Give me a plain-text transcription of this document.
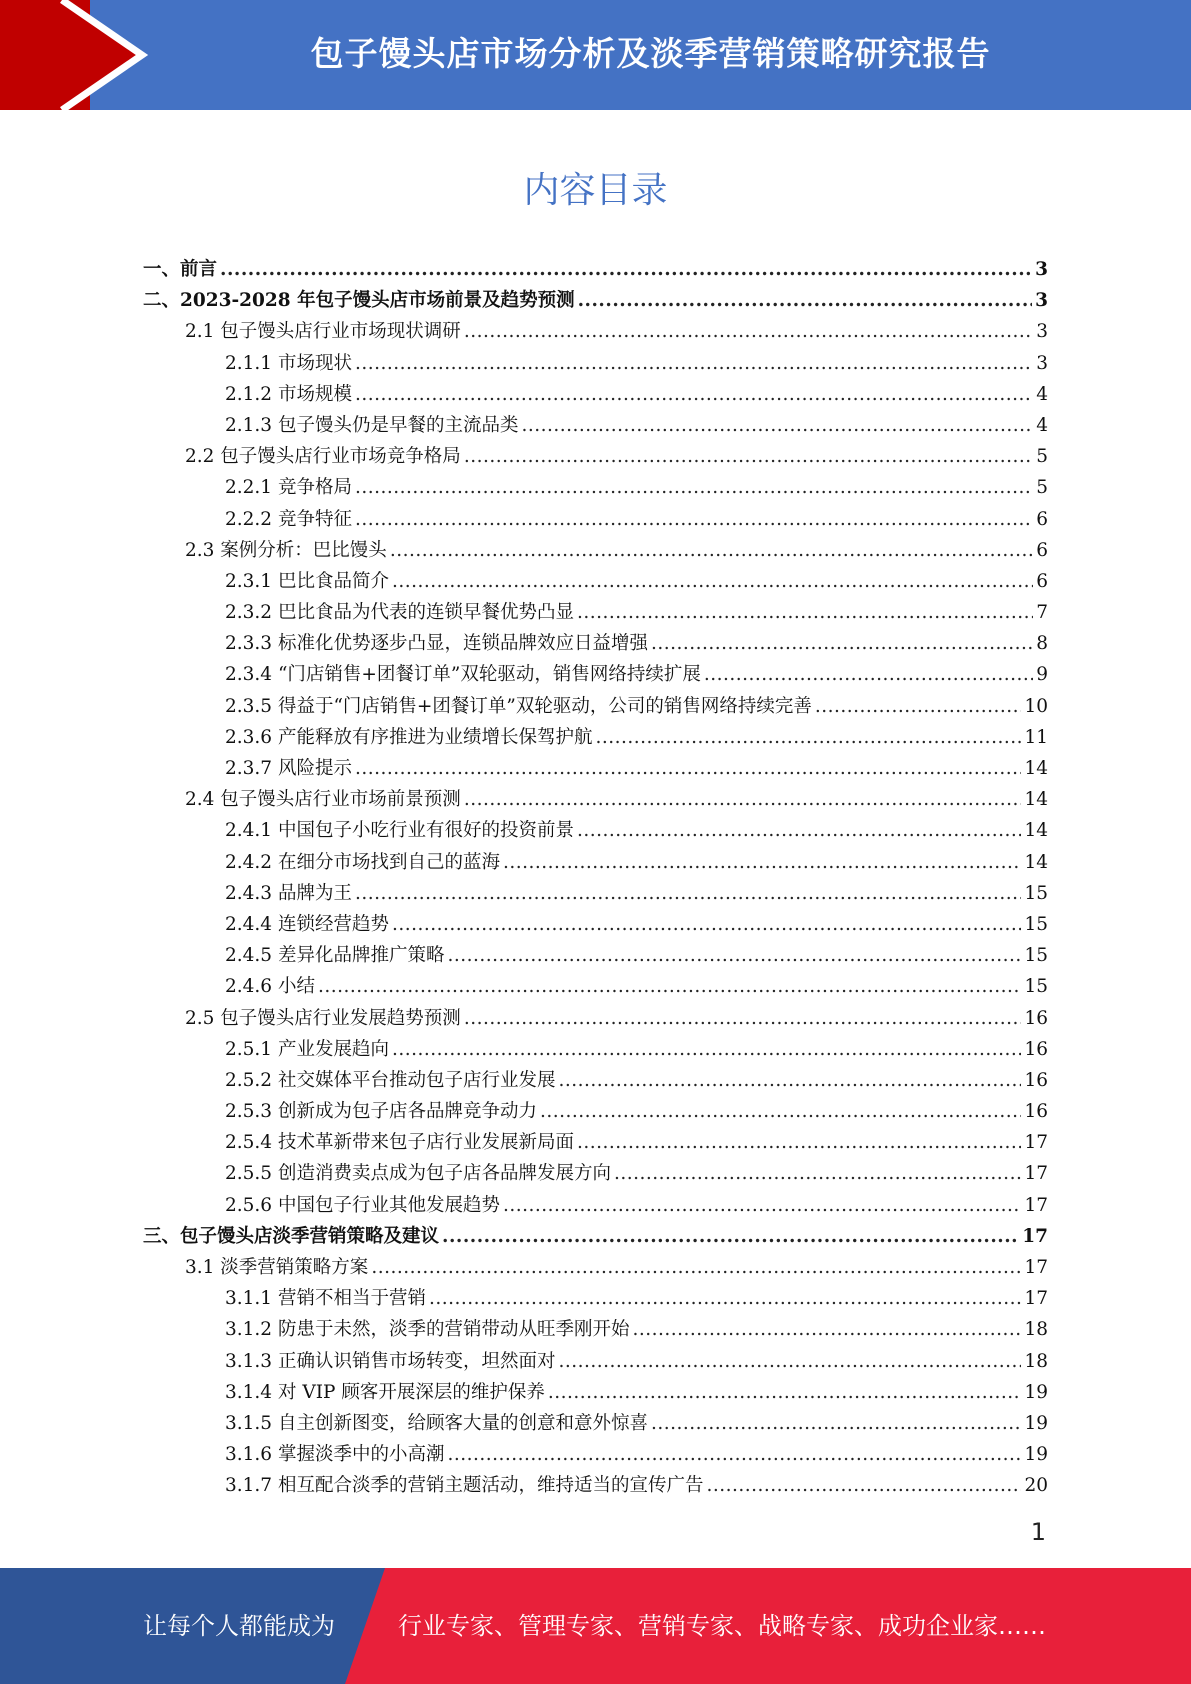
包子馒头店市场分析及淡季营销策略研究报告
内容目录
一、前言 .....	3
二、2023-2028 年包子馒头店市场前景及趋势预测 .....	3
2.1 包子馒头店行业市场现状调研 .....	3
2.1.1 市场现状 .....	3
2.1.2 市场规模 .....	4
2.1.3 包子馒头仍是早餐的主流品类 .....	4
2.2 包子馒头店行业市场竞争格局 .....	5
2.2.1 竞争格局 .....	5
2.2.2 竞争特征 .....	6
2.3 案例分析：巴比馒头 .....	6
2.3.1 巴比食品简介 .....	6
2.3.2 巴比食品为代表的连锁早餐优势凸显 .....	7
2.3.3 标准化优势逐步凸显，连锁品牌效应日益增强 .....	8
2.3.4 “门店销售+团餐订单”双轮驱动，销售网络持续扩展 .....	9
2.3.5 得益于“门店销售+团餐订单”双轮驱动，公司的销售网络持续完善 .....	10
2.3.6 产能释放有序推进为业绩增长保驾护航 .....	11
2.3.7 风险提示 .....	14
2.4 包子馒头店行业市场前景预测 .....	14
2.4.1 中国包子小吃行业有很好的投资前景 .....	14
2.4.2 在细分市场找到自己的蓝海 .....	14
2.4.3 品牌为王 .....	15
2.4.4 连锁经营趋势 .....	15
2.4.5 差异化品牌推广策略 .....	15
2.4.6 小结 .....	15
2.5 包子馒头店行业发展趋势预测 .....	16
2.5.1 产业发展趋向 .....	16
2.5.2 社交媒体平台推动包子店行业发展 .....	16
2.5.3 创新成为包子店各品牌竞争动力 .....	16
2.5.4 技术革新带来包子店行业发展新局面 .....	17
2.5.5 创造消费卖点成为包子店各品牌发展方向 .....	17
2.5.6 中国包子行业其他发展趋势 .....	17
三、包子馒头店淡季营销策略及建议 .....	17
3.1 淡季营销策略方案 .....	17
3.1.1 营销不相当于营销 .....	17
3.1.2 防患于未然，淡季的营销带动从旺季刚开始 .....	18
3.1.3 正确认识销售市场转变，坦然面对 .....	18
3.1.4 对 VIP 顾客开展深层的维护保养 .....	19
3.1.5 自主创新图变，给顾客大量的创意和意外惊喜 .....	19
3.1.6 掌握淡季中的小高潮 .....	19
3.1.7 相互配合淡季的营销主题活动，维持适当的宣传广告 .....	20
1
让每个人都能成为	行业专家、管理专家、营销专家、战略专家、成功企业家……
